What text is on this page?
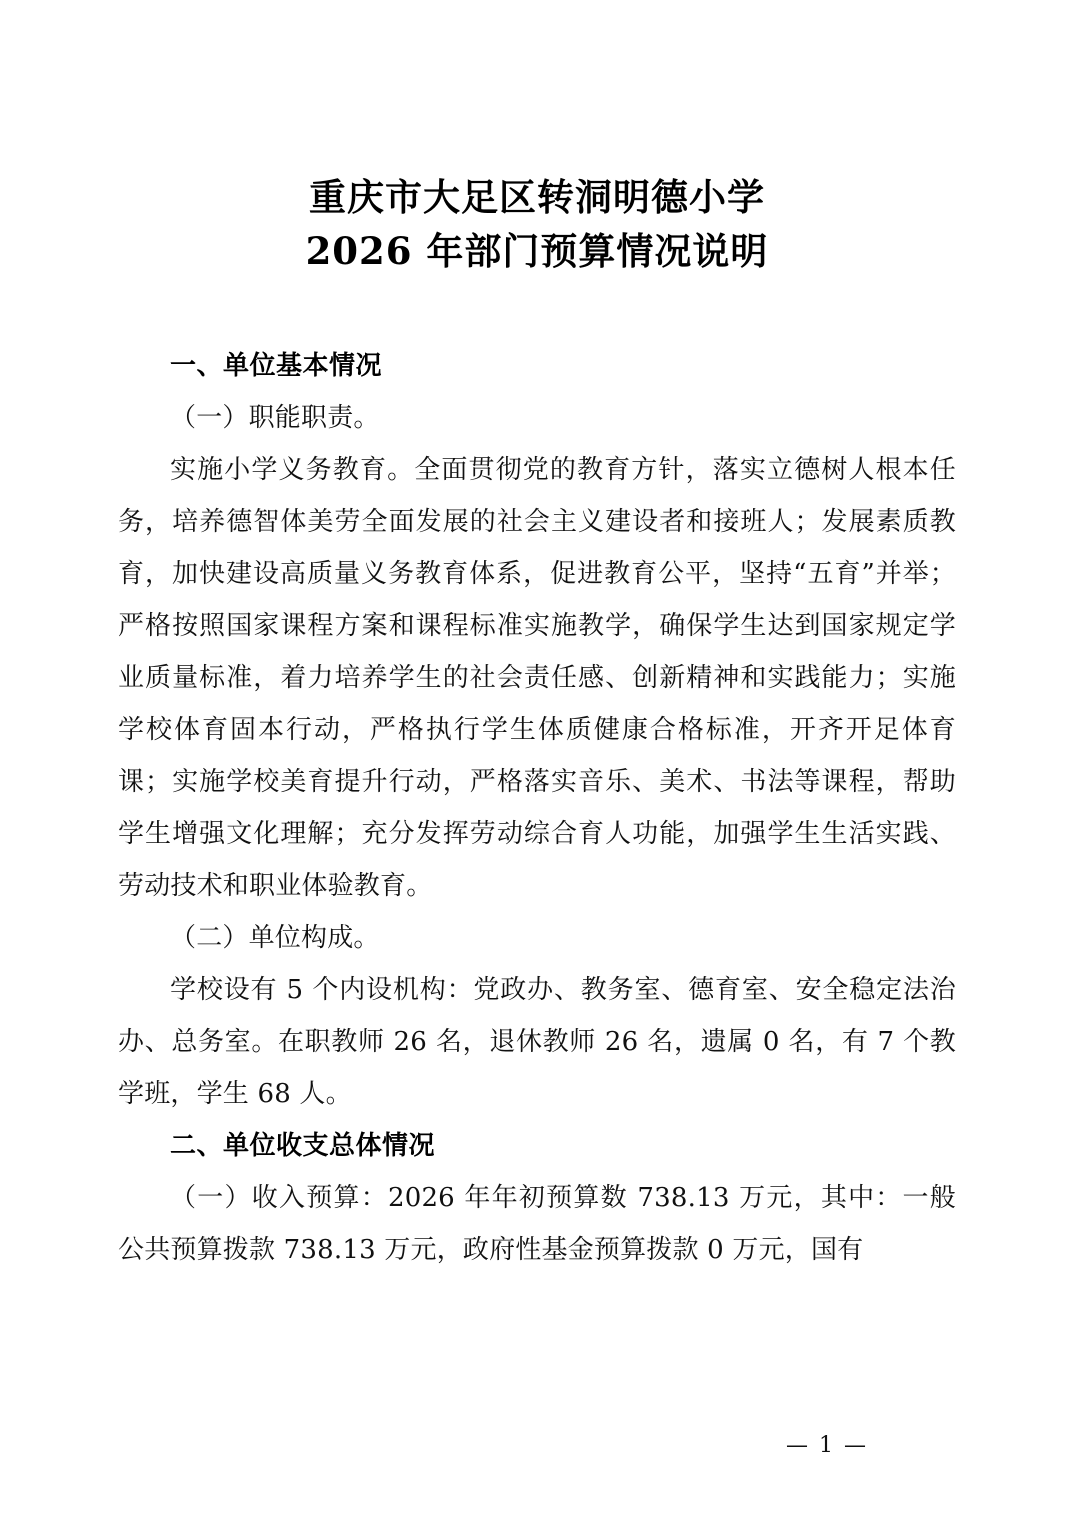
重庆市大足区转洞明德小学
2026 年部门预算情况说明
一、单位基本情况

（一）职能职责。

实施小学义务教育。全面贯彻党的教育方针，落实立德树人根本任务，培养德智体美劳全面发展的社会主义建设者和接班人；发展素质教育，加快建设高质量义务教育体系，促进教育公平，坚持“五育”并举；严格按照国家课程方案和课程标准实施教学，确保学生达到国家规定学业质量标准，着力培养学生的社会责任感、创新精神和实践能力；实施学校体育固本行动，严格执行学生体质健康合格标准，开齐开足体育课；实施学校美育提升行动，严格落实音乐、美术、书法等课程，帮助学生增强文化理解；充分发挥劳动综合育人功能，加强学生生活实践、劳动技术和职业体验教育。

（二）单位构成。

学校设有 5 个内设机构：党政办、教务室、德育室、安全稳定法治办、总务室。在职教师 26 名，退休教师 26 名，遗属 0 名，有 7 个教学班，学生 68 人。

二、单位收支总体情况

（一）收入预算：2026 年年初预算数 738.13 万元，其中：一般公共预算拨款 738.13 万元，政府性基金预算拨款 0 万元，国有

— 1 —
